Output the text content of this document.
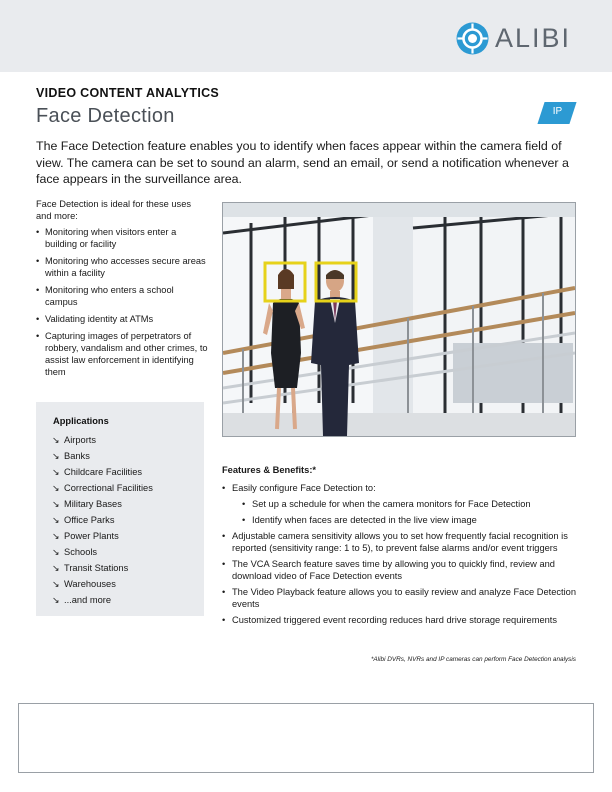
ALIBI
VIDEO CONTENT ANALYTICS
Face Detection	IP
The Face Detection feature enables you to identify when faces appear within the camera field of view. The camera can be set to sound an alarm, send an email, or send a notification whenever a face appears in the surveillance area.

Face Detection is ideal for these uses and more:

• Monitoring when visitors enter a building or facility
• Monitoring who accesses secure areas within a facility
• Monitoring who enters a school campus
• Validating identity at ATMs
• Capturing images of perpetrators of robbery, vandalism and other crimes, to assist law enforcement in identifying them
Applications
↘ Airports
↘ Banks
↘ Childcare Facilities
↘ Correctional Facilities
↘ Military Bases
↘ Office Parks
↘ Power Plants
↘ Schools
↘ Transit Stations
↘ Warehouses
↘ ...and more
Features & Benefits:*
• Easily configure Face Detection to:
• Set up a schedule for when the camera monitors for Face Detection
• Identify when faces are detected in the live view image
• Adjustable camera sensitivity allows you to set how frequently facial recognition is reported (sensitivity range: 1 to 5), to prevent false alarms and/or event triggers
• The VCA Search feature saves time by allowing you to quickly find, review and download video of Face Detection events
• The Video Playback feature allows you to easily review and analyze Face Detection events
• Customized triggered event recording reduces hard drive storage requirements
*Alibi DVRs, NVRs and IP cameras can perform Face Detection analysis
